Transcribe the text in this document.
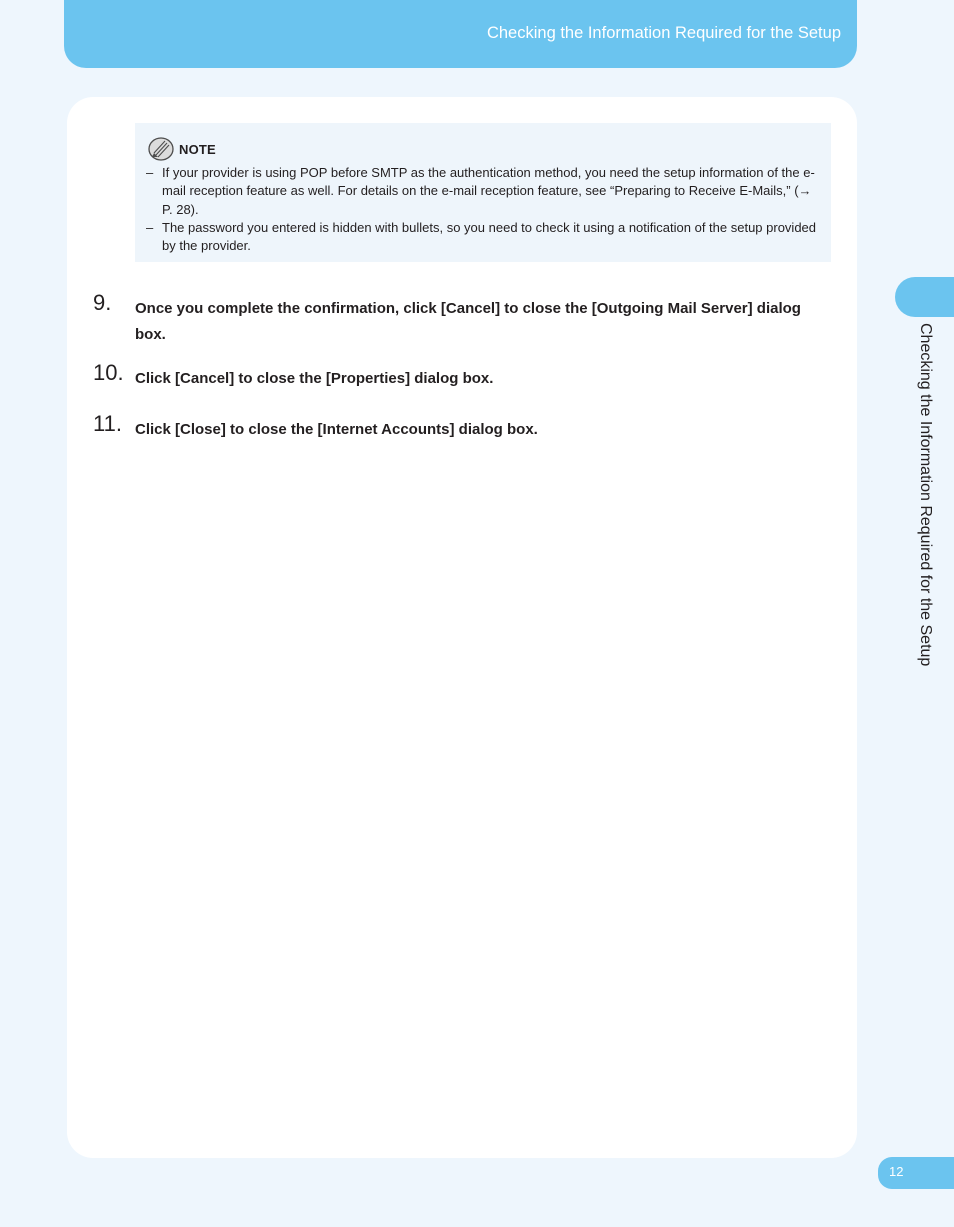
Checking the Information Required for the Setup
NOTE
– If your provider is using POP before SMTP as the authentication method, you need the setup information of the e-mail reception feature as well. For details on the e-mail reception feature, see “Preparing to Receive E-Mails,” (→ P. 28).
– The password you entered is hidden with bullets, so you need to check it using a notification of the setup provided by the provider.
9. Once you complete the confirmation, click [Cancel] to close the [Outgoing Mail Server] dialog box.
10. Click [Cancel] to close the [Properties] dialog box.
11. Click [Close] to close the [Internet Accounts] dialog box.	Checking the Information Required for the Setup
12
